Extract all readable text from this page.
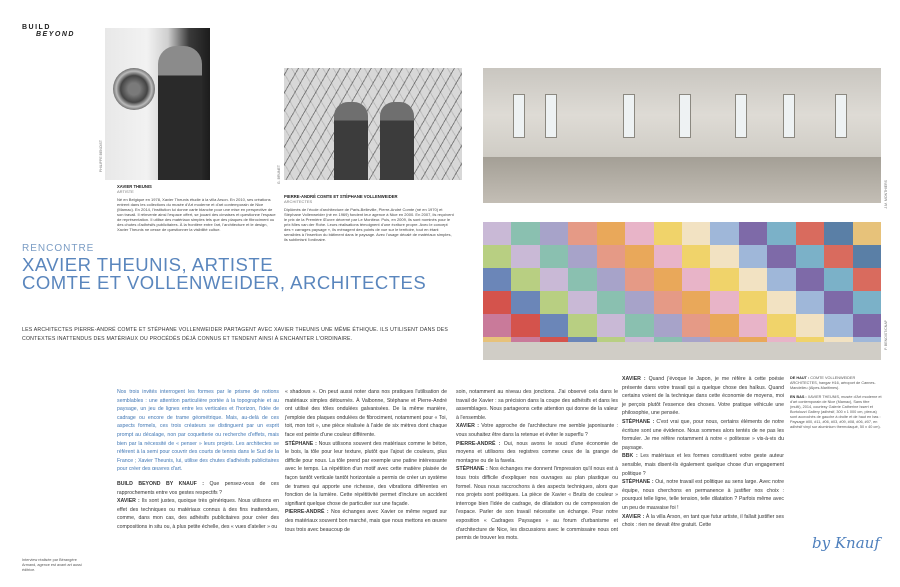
BUILD
BEYOND
PHILIPPE BENOIST
G. BRUNET
J.M. MONTHIERS
P. BENOIST/CNAP
XAVIER THEUNIS
ARTISTE
Né en Belgique en 1978, Xavier Theunis étudie à la villa Arson. En 2010, ses créations entrent dans les collections du musée d'Art moderne et d'art contemporain de Nice (Mamac). En 2014, l'institution lui donne carte blanche pour une mise en perspective de son travail. Il réinvente ainsi l'espace offert, se jouant des cimaises et questionne l'espace de représentation. Il utilise des matériaux simples tels que des plaques de fibrociment ou des chutes d'adhésifs publicitaires. À la frontière entre l'art, l'architecture et le design, Xavier Theunis ne cesse de questionner la visibilité cultue.
PIERRE-ANDRÉ COMTE ET STÉPHANE VOLLENWEIDER
ARCHITECTES
Diplômés de l'école d'architecture de Paris-Belleville, Pierre-André Comte (né en 1970) et Stéphane Vollenweider (né en 1969) fondent leur agence à Nice en 2000. En 2007, ils reçoivent le prix de la Première Œuvre décerné par Le Moniteur. Puis, en 2009, ils sont nominés pour le prix Mies van der Rohe. Leurs réalisations témoignent d'une écriture propre. Avec le concept des « carrages paysage », ils ménagent des points de vue sur le territoire, tout en étant sensibles à l'insertion du bâtiment dans le paysage. Avec l'usage décalé de matériaux simples, ils sublimisnt l'ordinaire.
RENCONTRE
XAVIER THEUNIS, ARTISTE
COMTE ET VOLLENWEIDER, ARCHITECTES
LES ARCHITECTES PIERRE-ANDRÉ COMTE ET STÉPHANE VOLLENWEIDER PARTAGENT AVEC XAVIER THEUNIS UNE MÊME ÉTHIQUE. ILS UTILISENT DANS DES CONTEXTES INATTENDUS DES MATÉRIAUX OU PROCÉDÉS DÉJÀ CONNUS ET TENDENT AINSI À ENCHANTER L'ORDINAIRE.

Nos trois invités interrogent les formes par le prisme de notions semblables : une attention particulière portée à la topographie et au paysage, un jeu de lignes entre les verticales et l'horizon, l'idée de cadrage ou encore de trame géométrique. Mais, au-delà de ces aspects formels, ces trois créateurs se distinguent par un esprit prompt au décalage, non par coquetterie ou recherche d'effets, mais bien par la nécessité de « penser » leurs projets. Les architectes se réfèrent à la semi pour couvrir des courts de tennis dans le Sud de la France ; Xavier Theunis, lui, utilise des chutes d'adhésifs publicitaires pour créer des œuvres d'art.

BUILD BEYOND BY KNAUF : Que pensez-vous de ces rapprochements entre vos gestes respectifs ?
XAVIER : Ils sont justes, quoique très génériques. Nous utilisons en effet des techniques ou matériaux connus à des fins inattendues, comme, dans mon cas, des adhésifs publicitaires pour créer des compositions in situ ou, à plus petite échelle, des « vues d'atelier » ou

Interview réalisée par Bérangère Armand, agence est avant art aussi éditrice.

« shadows ». On peut aussi noter dans nos pratiques l'utilisation de matériaux simples détournés. À Valbonne, Stéphane et Pierre-André ont utilisé des tôles ondulées galvanisées. De la même manière, j'emploie des plaques ondulées de fibrociment, notamment pour « Toi, toit, mon toit », une pièce réalisée à l'aide de six mètres dont chaque face est peinte d'une couleur différente.
STÉPHANE : Nous utilisons souvent des matériaux comme le béton, le bois, la tôle pour leur texture, plutôt que l'ajout de couleurs, plus difficile pour nous. La tôle prend par exemple une patine intéressante avec le temps. La répétition d'un motif avec cette matière plaisée de façon tantôt verticale tantôt horizontale a permis de créer un système de trames qui apporte une richesse, des vibrations différentes en fonction de la lumière. Cette répétitivité permet d'inclure un accident signifiant quelque chose de particulier sur une façade.
PIERRE-ANDRÉ : Nos échanges avec Xavier ce même regard sur des matériaux souvent bon marché, mais que nous mettons en œuvre tous trois avec beaucoup de

soin, notamment au niveau des jonctions. J'ai observé cela dans le travail de Xavier : sa précision dans la coupe des adhésifs et dans les assemblages. Nous partageons cette attention qui donne de la valeur à l'ensemble.
XAVIER : Votre approche de l'architecture me semble japonisante : vous souhaitez être dans la retenue et éviter le superflu ?
PIERRE-ANDRÉ : Oui, nous avons le souci d'une économie de moyens et utilisons des registres comme ceux de la grange de montagne ou de la favela.
STÉPHANE : Nos échanges me donnent l'impression qu'il nous est à tous trois difficile d'expliquer nos ouvrages au plan plastique ou formel. Nous nous raccrochons à des aspects techniques, alors que nos projets sont poétiques. La pièce de Xavier « Bruits de couleur » interroge bien l'idée de cadrage, de dilatation ou de compression de l'espace. Parler de son travail nécessite un échange. Pour notre exposition « Cadrages Paysages » au forum d'urbanisme et d'architecture de Nice, les discussions avec le commissaire nous ont permis de trouver les mots.

XAVIER : Quand j'évoque le Japon, je me réfère à cette poésie présente dans votre travail qui a quelque chose des haïkus. Quand certains voient de la technique dans cette économie de moyens, moi je perçois plutôt l'essence des choses. Votre pratique véhicule une philosophie, une pensée.
STÉPHANE : C'est vrai que, pour nous, certains éléments de notre écriture sont une évidence. Nous sommes alors tentés de ne pas les formuler. Je me réfère notamment à notre « politesse » vis-à-vis du paysage.
BBK : Les matériaux et les formes constituent votre geste auteur sensible, mais disent-ils également quelque chose d'un engagement politique ?
STÉPHANE : Oui, notre travail est politique au sens large. Avec notre équipe, nous cherchons en permanence à justifier nos choix : pourquoi telle ligne, telle tension, telle dilatation ? Parfois même avec un peu de mauvaise foi !
XAVIER : À la villa Arson, en tant que futur artiste, il fallait justifier ses choix : rien ne devait être gratuit. Cette

DE HAUT : COMTE VOLLENWEIDER ARCHITECTES, hangar H16, aéroport de Cannes-Mandelieu (Alpes-Maritimes).

EN BAS : XAVIER THEUNIS, musée d'Art moderne et d'art contemporain de Nice (Mamac), Sans titre (multi), 2014, courtesy Galerie Catherine Issert et Bortolozzi Gallery (adhésif, 300 x 1 000 cm, plexus) sont accrochés de gauche à droite et de haut en bas : Paysage #00, #11, #06, #03, #09, #08, #06, #07, en adhésif vinyl sur aluminium thermolaqué, 50 x 40 cm).

by Knauf
